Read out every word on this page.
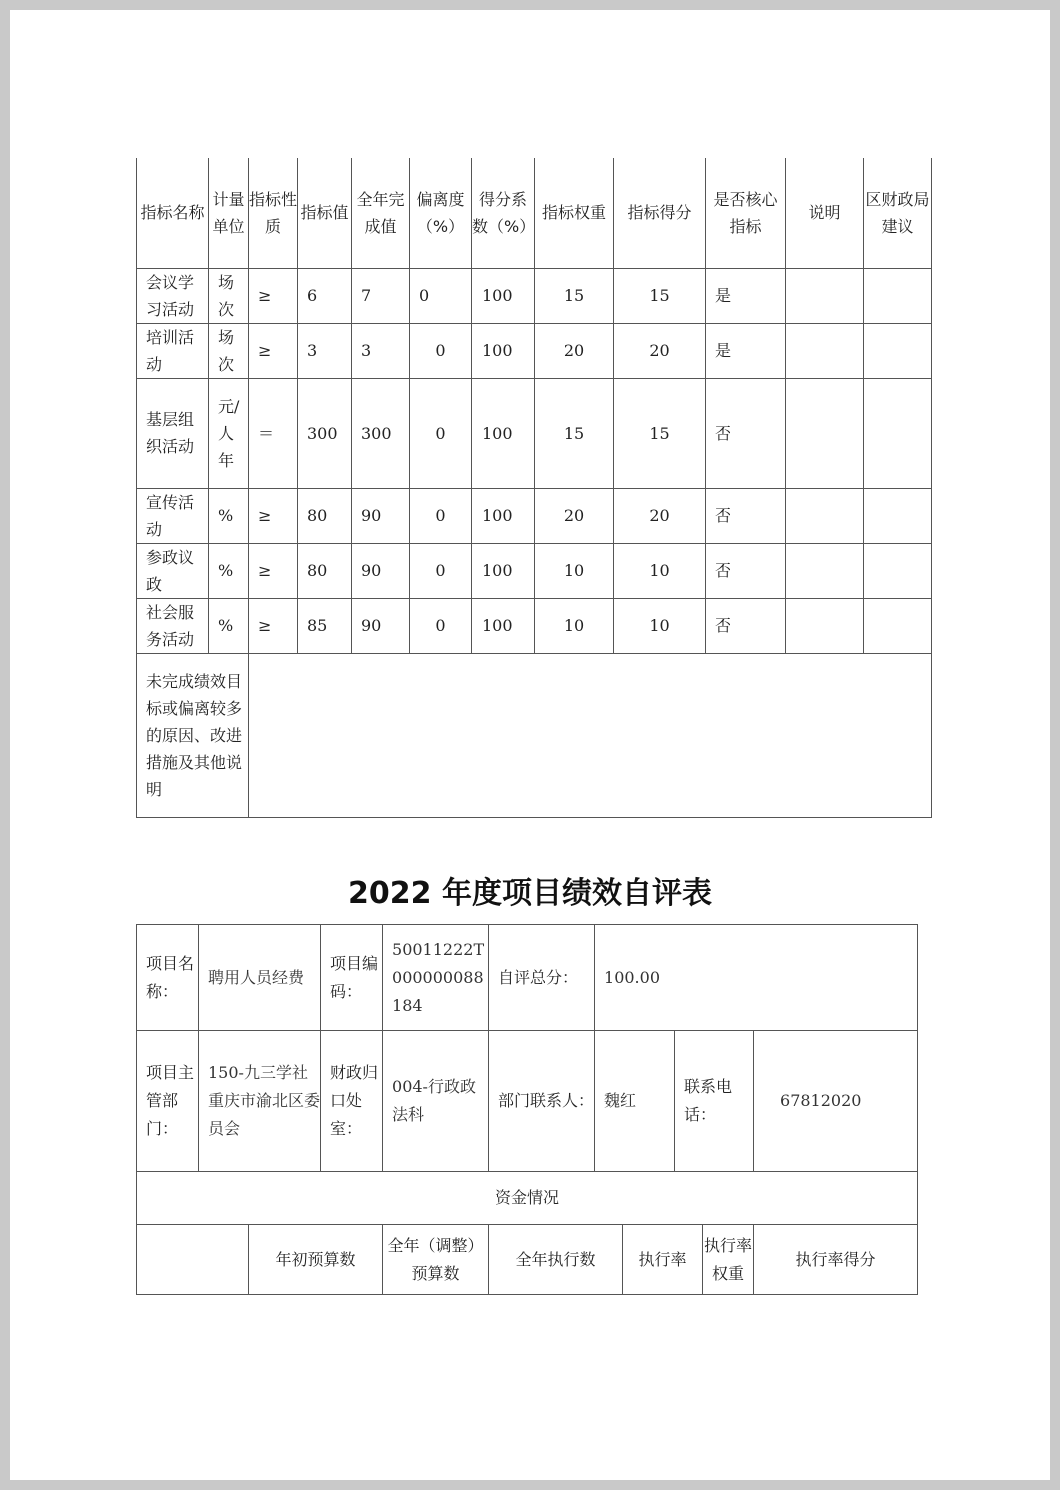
指标名称	计量单位	指标性质	指标值	全年完成值	偏离度（%）	得分系数（%）	指标权重	指标得分	是否核心指标	说明	区财政局建议
会议学习活动	场次	≥	6	7	0	100	15	15	是		
培训活动	场次	≥	3	3	0	100	20	20	是		
基层组织活动	元/人年	＝	300	300	0	100	15	15	否		
宣传活动	%	≥	80	90	0	100	20	20	否		
参政议政	%	≥	80	90	0	100	10	10	否		
社会服务活动	%	≥	85	90	0	100	10	10	否		
未完成绩效目标或偏离较多的原因、改进措施及其他说明											
2022 年度项目绩效自评表
项目名称：	聘用人员经费		项目编码：	50011222T000000088184	自评总分：	100.00				
项目主管部门：	150-九三学社重庆市渝北区委员会		财政归口处室：	004-行政政法科	部门联系人：	魏红		联系电话：		67812020
资金情况										
		年初预算数		全年（调整）预算数	全年执行数		执行率		执行率权重	执行率得分
